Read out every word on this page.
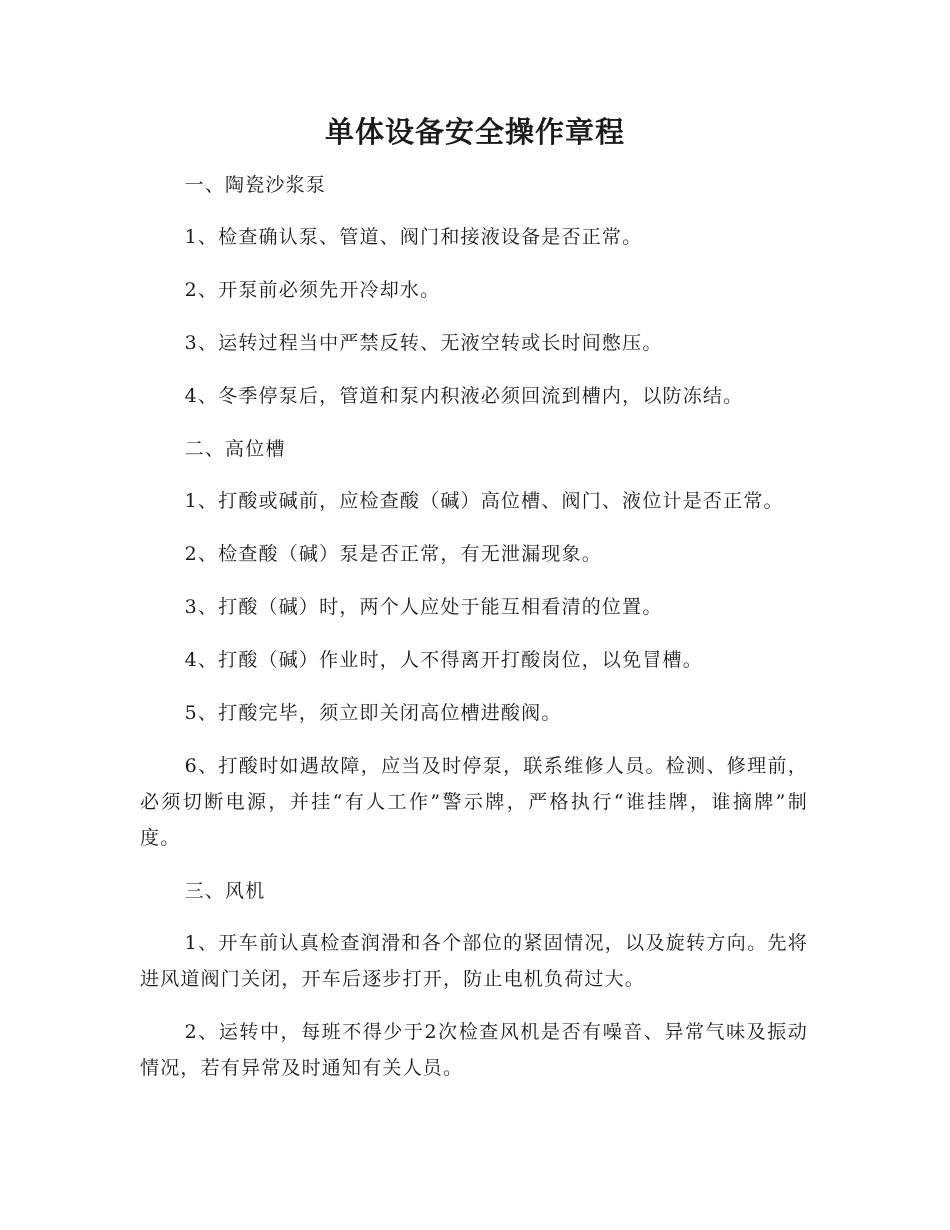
单体设备安全操作章程

一、陶瓷沙浆泵

1、检查确认泵、管道、阀门和接液设备是否正常。

2、开泵前必须先开冷却水。

3、运转过程当中严禁反转、无液空转或长时间憋压。

4、冬季停泵后，管道和泵内积液必须回流到槽内，以防冻结。

二、高位槽

1、打酸或碱前，应检查酸（碱）高位槽、阀门、液位计是否正常。

2、检查酸（碱）泵是否正常，有无泄漏现象。

3、打酸（碱）时，两个人应处于能互相看清的位置。

4、打酸（碱）作业时，人不得离开打酸岗位，以免冒槽。

5、打酸完毕，须立即关闭高位槽进酸阀。

6、打酸时如遇故障，应当及时停泵，联系维修人员。检测、修理前，必须切断电源，并挂“有人工作”警示牌，严格执行“谁挂牌，谁摘牌”制度。

三、风机

1、开车前认真检查润滑和各个部位的紧固情况，以及旋转方向。先将进风道阀门关闭，开车后逐步打开，防止电机负荷过大。

2、运转中，每班不得少于2次检查风机是否有噪音、异常气味及振动情况，若有异常及时通知有关人员。
